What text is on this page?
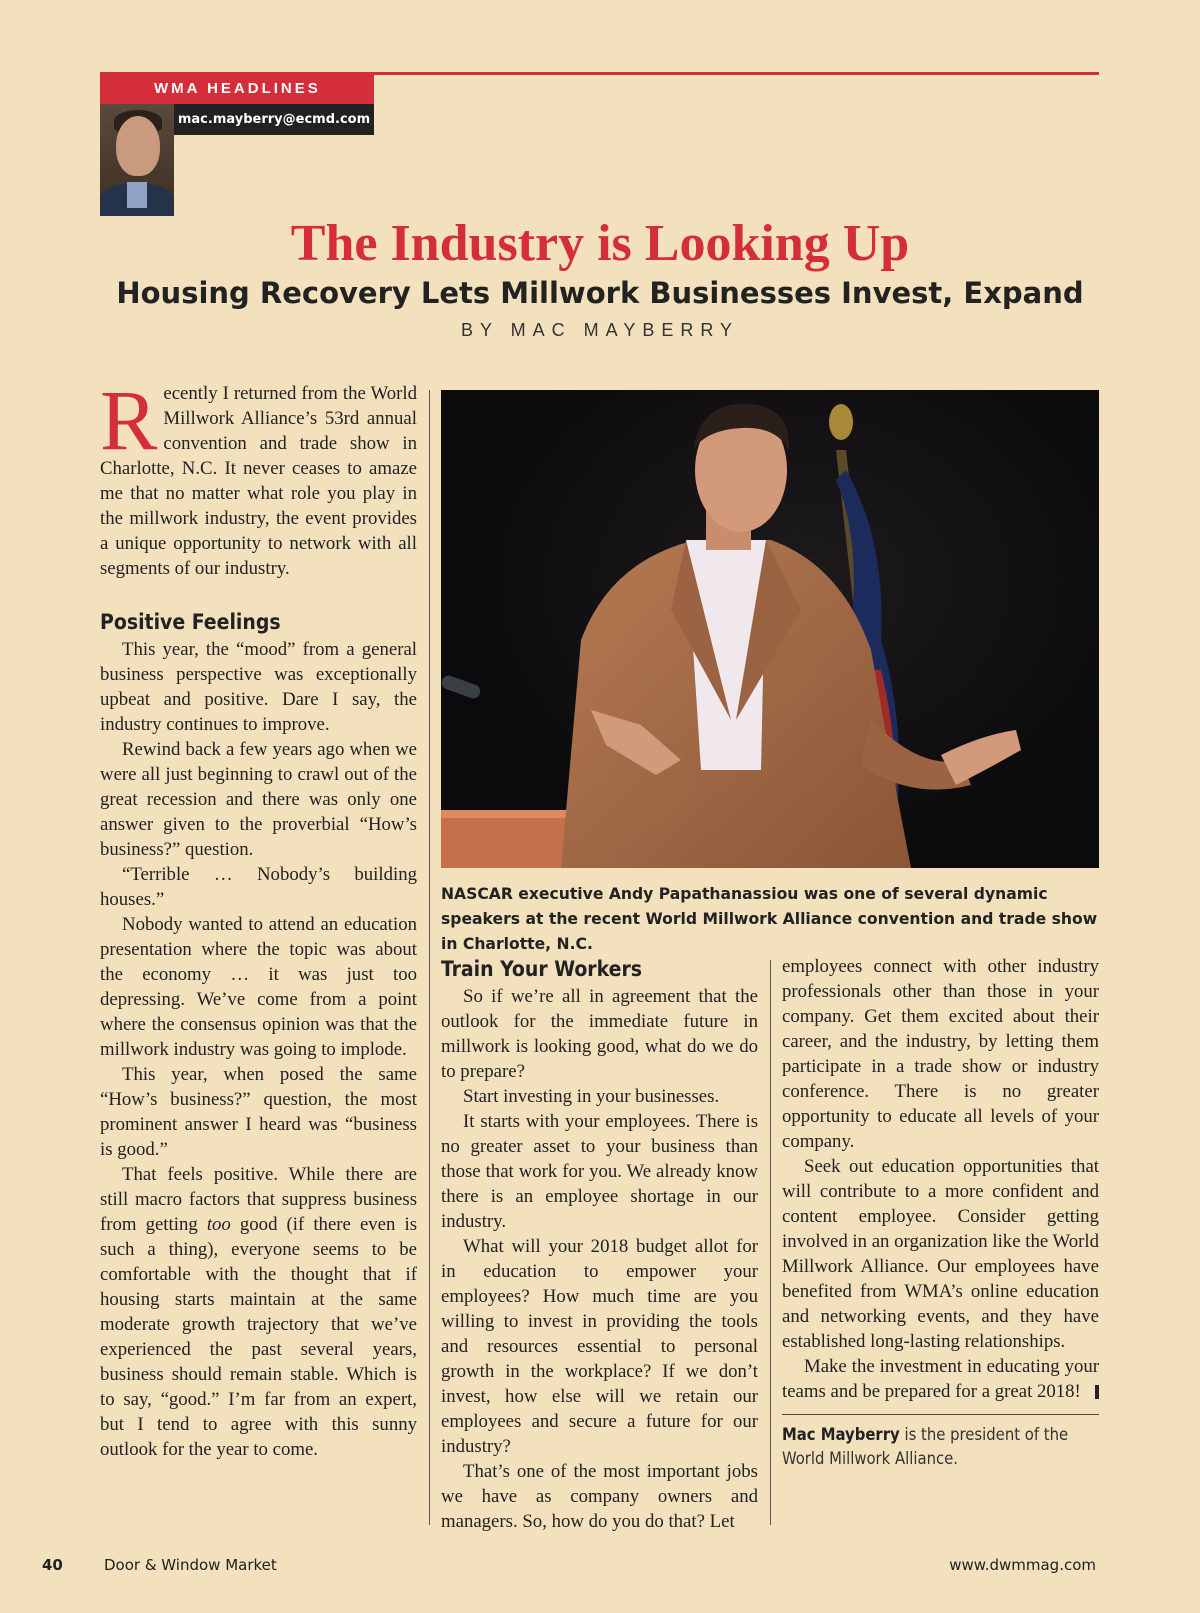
WMA HEADLINES
mac.mayberry@ecmd.com
The Industry is Looking Up
Housing Recovery Lets Millwork Businesses Invest, Expand
BY MAC MAYBERRY

Recently I returned from the World Millwork Alliance’s 53rd annual convention and trade show in Charlotte, N.C. It never ceases to amaze me that no matter what role you play in the millwork industry, the event provides a unique opportunity to network with all segments of our industry.

Positive Feelings

This year, the “mood” from a general business perspective was exceptionally upbeat and positive. Dare I say, the industry continues to improve.

Rewind back a few years ago when we were all just beginning to crawl out of the great recession and there was only one answer given to the proverbial “How’s business?” question.

“Terrible … Nobody’s building houses.”

Nobody wanted to attend an education presentation where the topic was about the economy … it was just too depressing. We’ve come from a point where the consensus opinion was that the millwork industry was going to implode.

This year, when posed the same “How’s business?” question, the most prominent answer I heard was “business is good.”

That feels positive. While there are still macro factors that suppress business from getting too good (if there even is such a thing), everyone seems to be comfortable with the thought that if housing starts maintain at the same moderate growth trajectory that we’ve experienced the past several years, business should remain stable. Which is to say, “good.” I’m far from an expert, but I tend to agree with this sunny outlook for the year to come.

NASCAR executive Andy Papathanassiou was one of several dynamic speakers at the recent World Millwork Alliance convention and trade show in Charlotte, N.C.
Train Your Workers

So if we’re all in agreement that the outlook for the immediate future in millwork is looking good, what do we do to prepare?

Start investing in your businesses.

It starts with your employees. There is no greater asset to your business than those that work for you. We already know there is an employee shortage in our industry.

What will your 2018 budget allot for in education to empower your employees? How much time are you willing to invest in providing the tools and resources essential to personal growth in the workplace? If we don’t invest, how else will we retain our employees and secure a future for our industry?

That’s one of the most important jobs we have as company owners and managers. So, how do you do that? Let

employees connect with other industry professionals other than those in your company. Get them excited about their career, and the industry, by letting them participate in a trade show or industry conference. There is no greater opportunity to educate all levels of your company.

Seek out education opportunities that will contribute to a more confident and content employee. Consider getting involved in an organization like the World Millwork Alliance. Our employees have benefited from WMA’s online education and networking events, and they have established long-lasting relationships.

Make the investment in educating your teams and be prepared for a great 2018!

Mac Mayberry is the president of the World Millwork Alliance.
40	Door & Window Market	www.dwmmag.com
